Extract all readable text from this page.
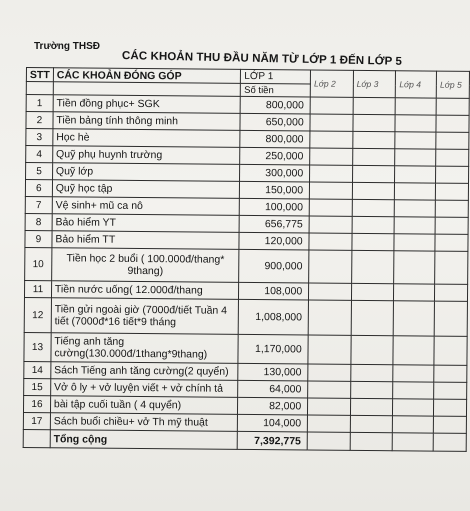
Trường THSĐ
CÁC KHOẢN THU ĐẦU NĂM TỪ LỚP 1 ĐẾN LỚP 5
STT	CÁC KHOẢN ĐÓNG GÓP	LỚP 1	Lớp 2	Lớp 3	Lớp 4	Lớp 5
		Số tiền				
1	Tiền đồng phục+ SGK	800,000				
2	Tiền bảng tính thông minh	650,000				
3	Học hè	800,000				
4	Quỹ phụ huynh trường	250,000				
5	Quỹ lớp	300,000				
6	Quỹ học tập	150,000				
7	Vệ sinh+ mũ ca nô	100,000				
8	Bảo hiểm YT	656,775				
9	Bảo hiểm TT	120,000				
10	Tiền học 2 buổi ( 100.000đ/thang* 9thang)	900,000				
11	Tiền nước uống( 12.000đ/thang	108,000				
12	Tiền gửi ngoài giờ (7000đ/tiết Tuần 4 tiết (7000đ*16 tiết*9 tháng	1,008,000				
13	Tiếng anh tăng cường(130.000đ/1thang*9thang)	1,170,000				
14	Sách Tiếng anh tăng cường(2 quyển)	130,000				
15	Vở ô ly + vở luyện viết + vở chính tả	64,000				
16	bài tập cuối tuần ( 4 quyển)	82,000				
17	Sách buổi chiều+ vở Th mỹ thuật	104,000				
	Tổng cộng	7,392,775				
